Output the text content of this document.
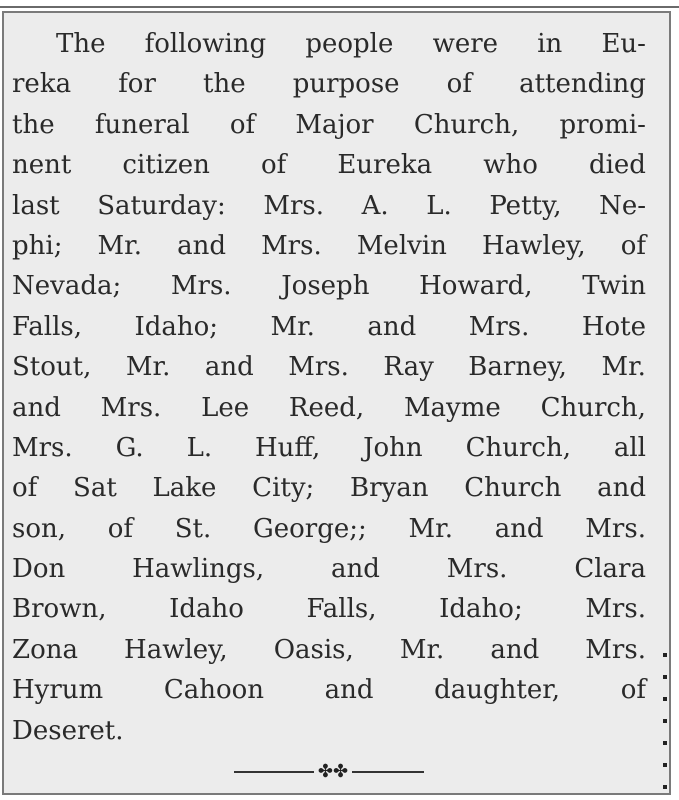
The following people were in Eu-
reka for the purpose of attending
the funeral of Major Church, promi-
nent citizen of Eureka who died
last Saturday: Mrs. A. L. Petty, Ne-
phi; Mr. and Mrs. Melvin Hawley, of
Nevada; Mrs. Joseph Howard, Twin
Falls, Idaho; Mr. and Mrs. Hote
Stout, Mr. and Mrs. Ray Barney, Mr.
and Mrs. Lee Reed, Mayme Church,
Mrs. G. L. Huff, John Church, all
of Sat Lake City; Bryan Church and
son, of St. George;; Mr. and Mrs.
Don	Hawlings,	and	Mrs.	Clara
Brown, Idaho Falls, Idaho; Mrs.
Zona Hawley, Oasis, Mr. and Mrs.
Hyrum Cahoon and daughter, of
Deseret.
✤✤
